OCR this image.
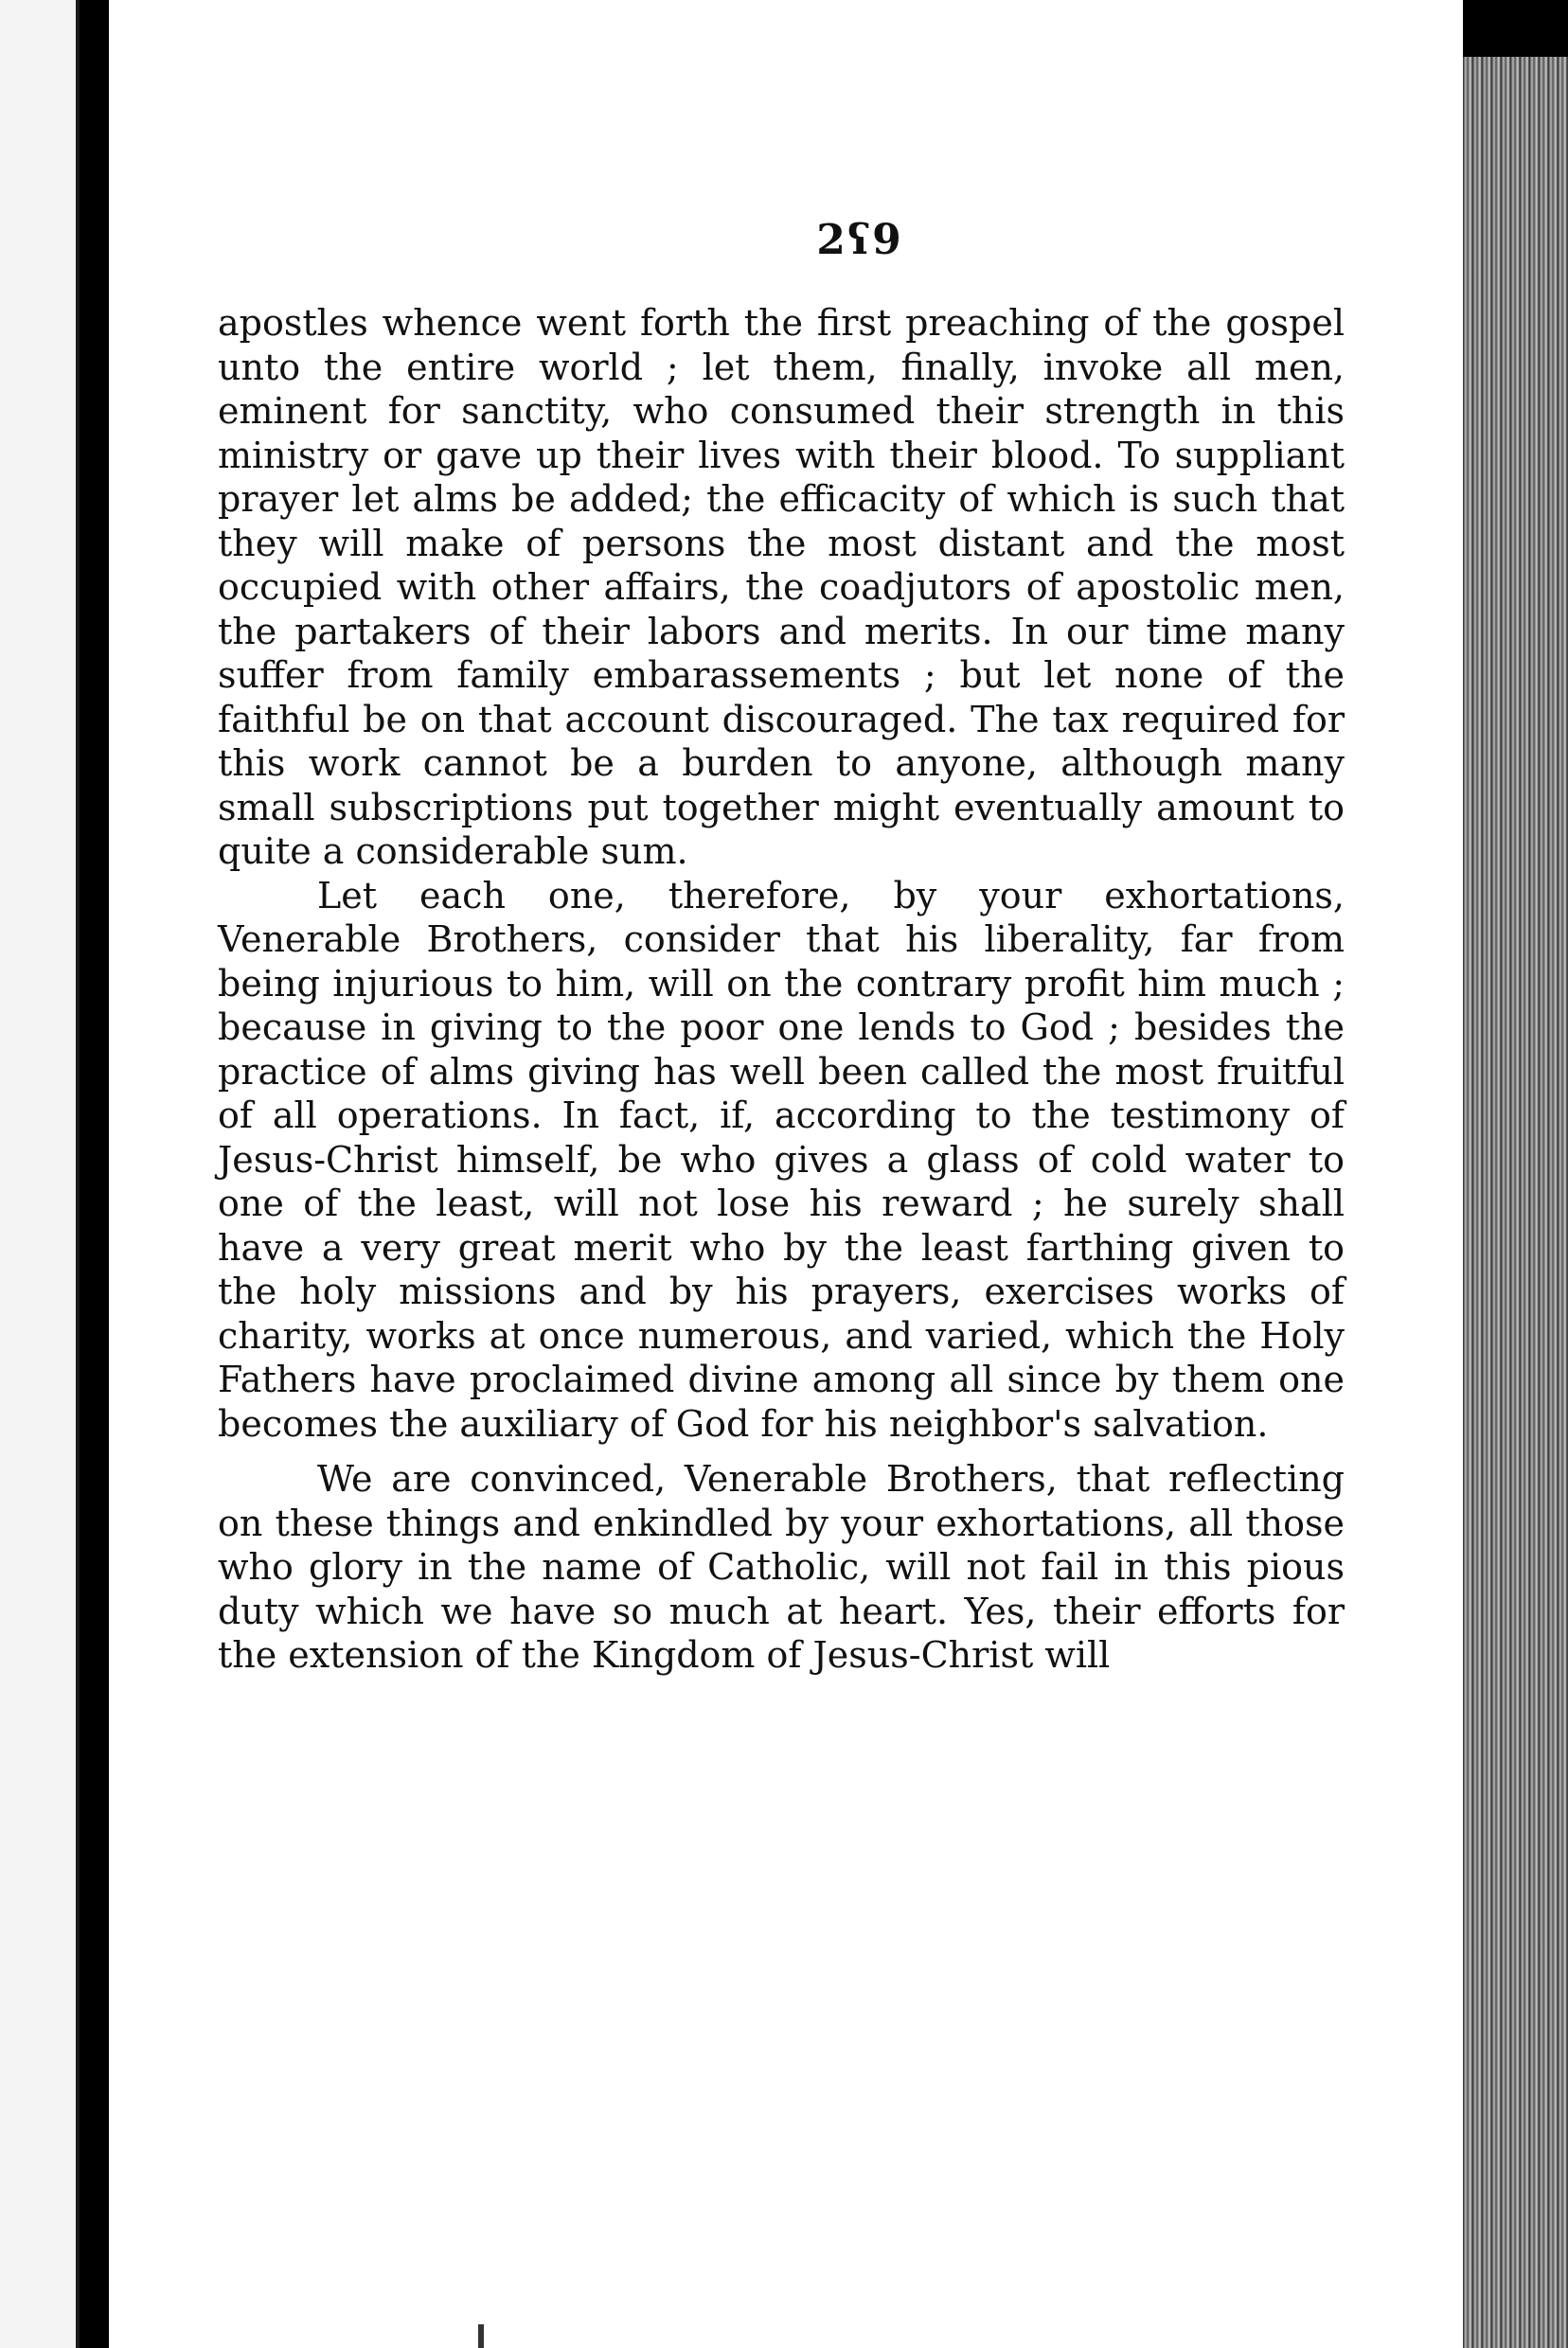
2ʕ9

apostles whence went forth the first preaching of the gospel unto the entire world ; let them, finally, invoke all men, eminent for sanctity, who consumed their strength in this ministry or gave up their lives with their blood. To suppliant prayer let alms be added; the efficacity of which is such that they will make of persons the most distant and the most occupied with other affairs, the coadjutors of apostolic men, the partakers of their labors and merits. In our time many suffer from family embarassements ; but let none of the faithful be on that account discouraged. The tax required for this work cannot be a burden to anyone, although many small subscriptions put together might eventually amount to quite a considerable sum.

Let each one, therefore, by your exhortations, Venerable Brothers, consider that his liberality, far from being injurious to him, will on the contrary profit him much ; because in giving to the poor one lends to God ; besides the practice of alms giving has well been called the most fruitful of all operations. In fact, if, according to the testimony of Jesus-Christ himself, be who gives a glass of cold water to one of the least, will not lose his reward ; he surely shall have a very great merit who by the least farthing given to the holy missions and by his prayers, exercises works of charity, works at once numerous, and varied, which the Holy Fathers have proclaimed divine among all since by them one becomes the auxiliary of God for his neighbor's salvation.

We are convinced, Venerable Brothers, that reflecting on these things and enkindled by your exhortations, all those who glory in the name of Catholic, will not fail in this pious duty which we have so much at heart. Yes, their efforts for the extension of the Kingdom of Jesus-Christ will
